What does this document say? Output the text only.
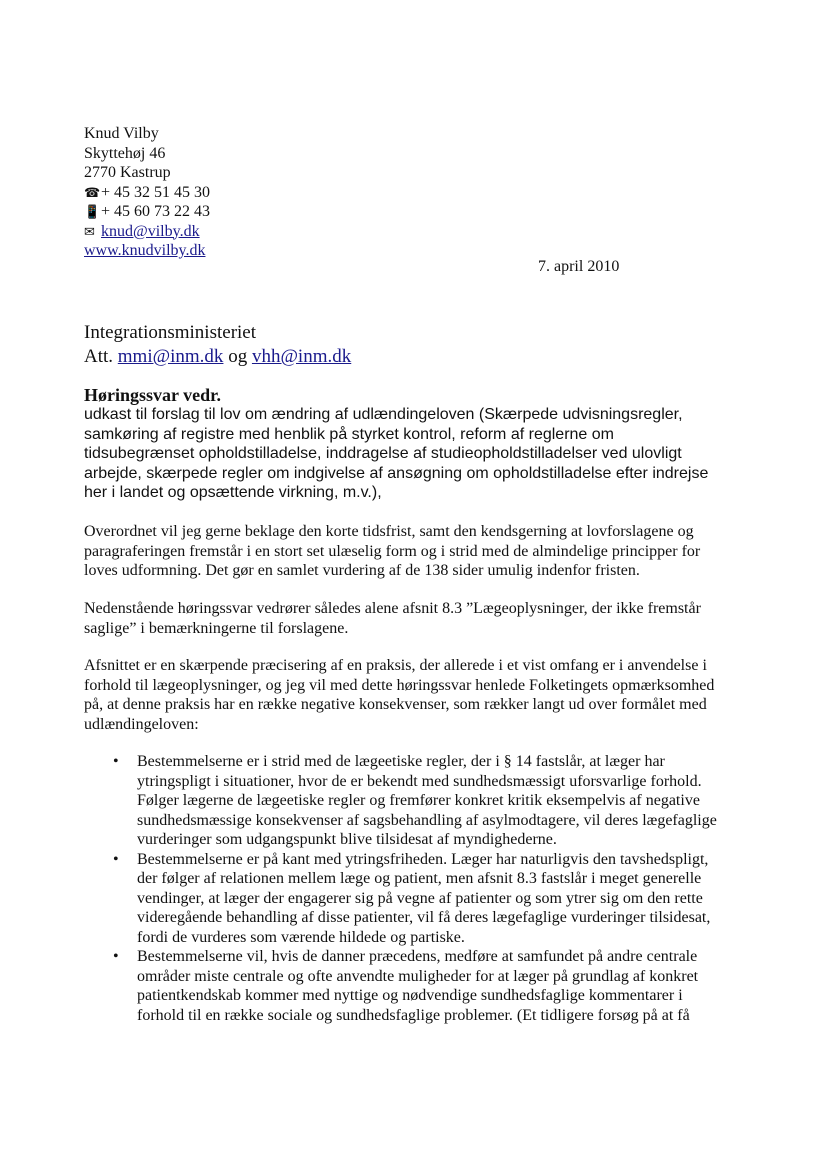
Knud Vilby
Skyttehøj 46
2770 Kastrup
☎+ 45 32 51 45 30
📱+ 45 60 73 22 43
✉ knud@vilby.dk
www.knudvilby.dk
7. april 2010
Integrationsministeriet
Att. mmi@inm.dk og vhh@inm.dk
Høringssvar vedr.
udkast til forslag til lov om ændring af udlændingeloven (Skærpede udvisningsregler,
samkøring af registre med henblik på styrket kontrol, reform af reglerne om
tidsubegrænset opholdstilladelse, inddragelse af studieopholdstilladelser ved ulovligt
arbejde, skærpede regler om indgivelse af ansøgning om opholdstilladelse efter indrejse
her i landet og opsættende virkning, m.v.),
Overordnet vil jeg gerne beklage den korte tidsfrist, samt den kendsgerning at lovforslagene og
paragraferingen fremstår i en stort set ulæselig form og i strid med de almindelige principper for
loves udformning. Det gør en samlet vurdering af de 138 sider umulig indenfor fristen.
Nedenstående høringssvar vedrører således alene afsnit 8.3 ”Lægeoplysninger, der ikke fremstår
saglige” i bemærkningerne til forslagene.
Afsnittet er en skærpende præcisering af en praksis, der allerede i et vist omfang er i anvendelse i
forhold til lægeoplysninger, og jeg vil med dette høringssvar henlede Folketingets opmærksomhed
på, at denne praksis har en række negative konsekvenser, som rækker langt ud over formålet med
udlændingeloven:
• Bestemmelserne er i strid med de lægeetiske regler, der i § 14 fastslår, at læger har
ytringspligt i situationer, hvor de er bekendt med sundhedsmæssigt uforsvarlige forhold.
Følger lægerne de lægeetiske regler og fremfører konkret kritik eksempelvis af negative
sundhedsmæssige konsekvenser af sagsbehandling af asylmodtagere, vil deres lægefaglige
vurderinger som udgangspunkt blive tilsidesat af myndighederne.
• Bestemmelserne er på kant med ytringsfriheden. Læger har naturligvis den tavshedspligt,
der følger af relationen mellem læge og patient, men afsnit 8.3 fastslår i meget generelle
vendinger, at læger der engagerer sig på vegne af patienter og som ytrer sig om den rette
videregående behandling af disse patienter, vil få deres lægefaglige vurderinger tilsidesat,
fordi de vurderes som værende hildede og partiske.
• Bestemmelserne vil, hvis de danner præcedens, medføre at samfundet på andre centrale
områder miste centrale og ofte anvendte muligheder for at læger på grundlag af konkret
patientkendskab kommer med nyttige og nødvendige sundhedsfaglige kommentarer i
forhold til en række sociale og sundhedsfaglige problemer. (Et tidligere forsøg på at få
